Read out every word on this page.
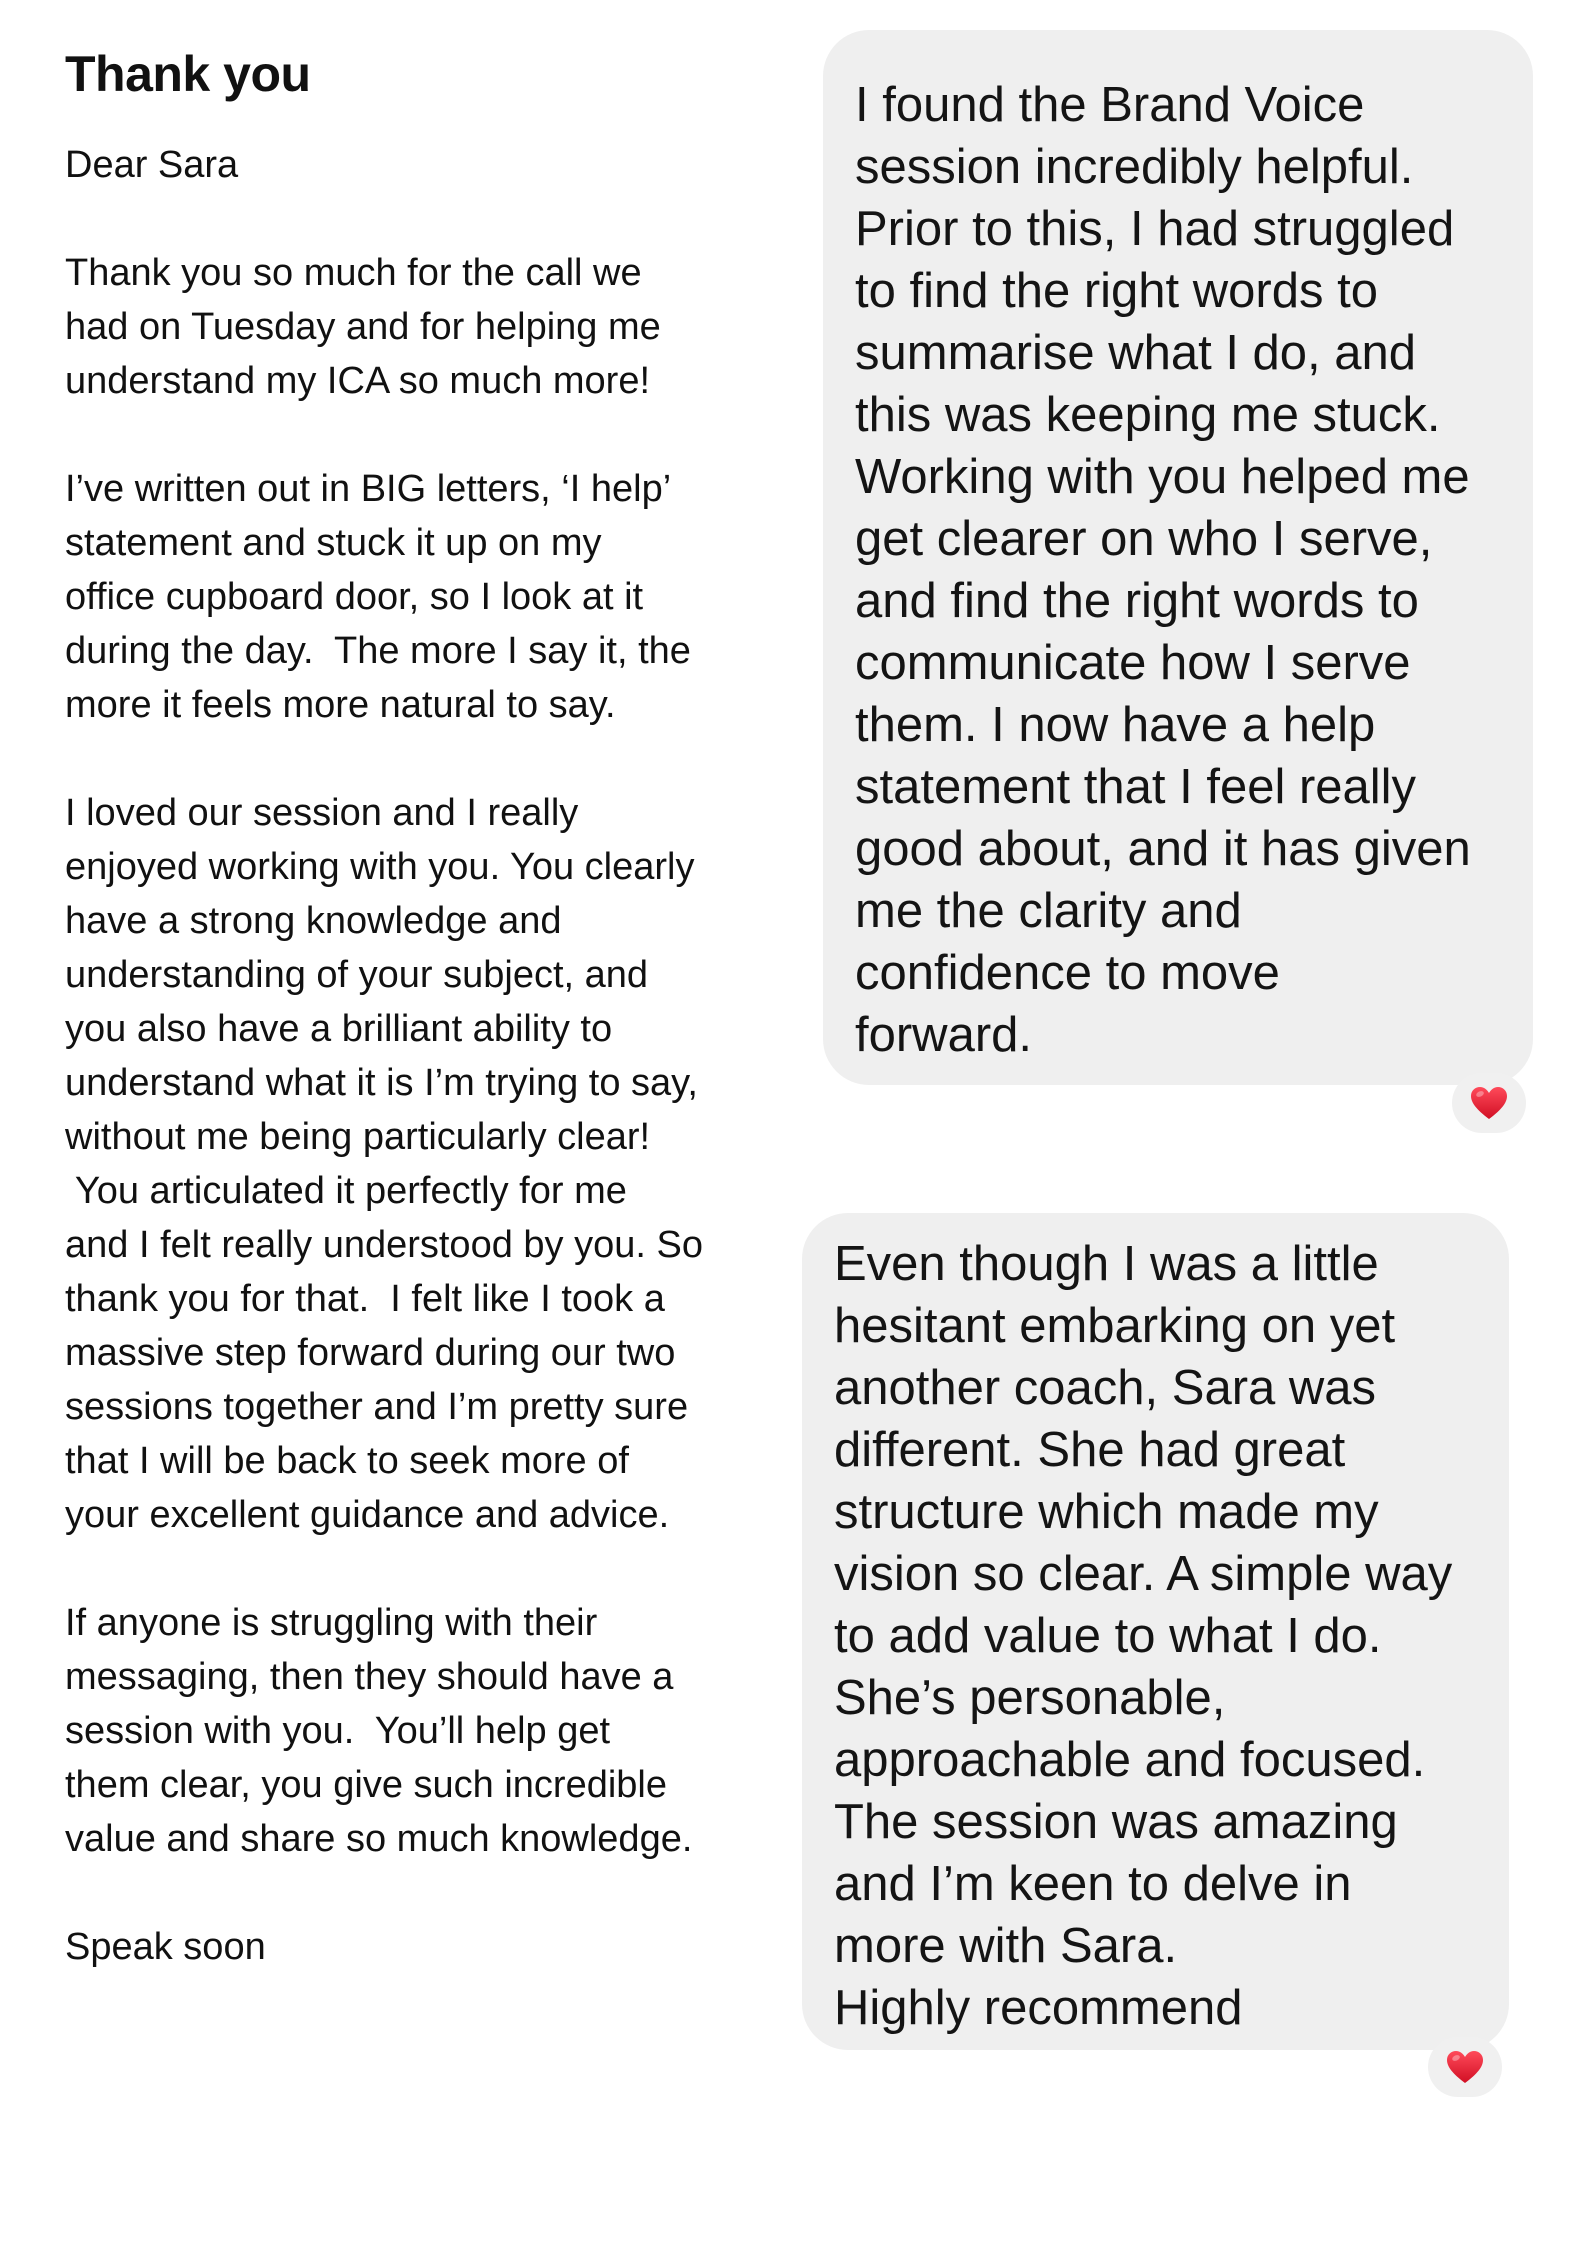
Thank you
Dear Sara
Thank you so much for the call we
had on Tuesday and for helping me
understand my ICA so much more!
I’ve written out in BIG letters, ‘I help’
statement and stuck it up on my
office cupboard door, so I look at it
during the day.  The more I say it, the
more it feels more natural to say.
I loved our session and I really
enjoyed working with you. You clearly
have a strong knowledge and
understanding of your subject, and
you also have a brilliant ability to
understand what it is I’m trying to say,
without me being particularly clear!
You articulated it perfectly for me
and I felt really understood by you. So
thank you for that.  I felt like I took a
massive step forward during our two
sessions together and I’m pretty sure
that I will be back to seek more of
your excellent guidance and advice.
If anyone is struggling with their
messaging, then they should have a
session with you.  You’ll help get
them clear, you give such incredible
value and share so much knowledge.
Speak soon
I found the Brand Voice
session incredibly helpful.
Prior to this, I had struggled
to find the right words to
summarise what I do, and
this was keeping me stuck.
Working with you helped me
get clearer on who I serve,
and find the right words to
communicate how I serve
them. I now have a help
statement that I feel really
good about, and it has given
me the clarity and
confidence to move
forward.
Even though I was a little
hesitant embarking on yet
another coach, Sara was
different. She had great
structure which made my
vision so clear. A simple way
to add value to what I do.
She’s personable,
approachable and focused.
The session was amazing
and I’m keen to delve in
more with Sara.
Highly recommend
